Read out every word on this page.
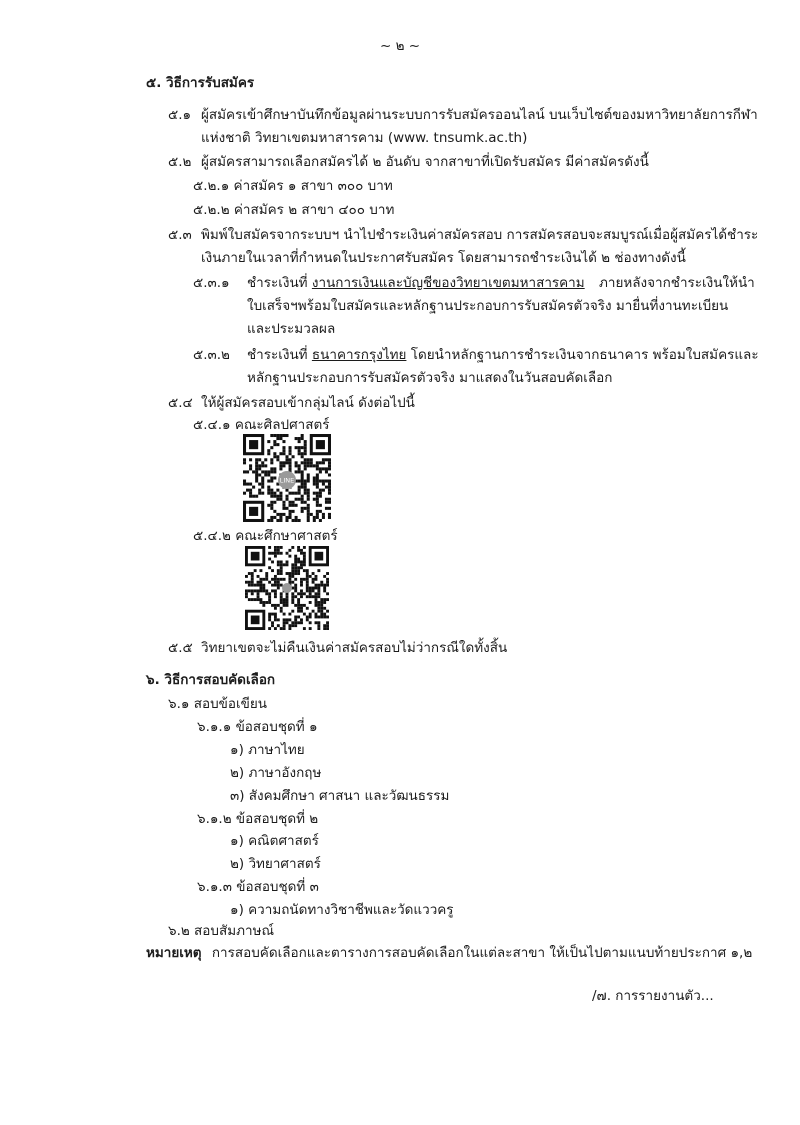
~ ๒ ~
๕. วิธีการรับสมัคร
๕.๑ ผู้สมัครเข้าศึกษาบันทึกข้อมูลผ่านระบบการรับสมัครออนไลน์ บนเว็บไซต์ของมหาวิทยาลัยการกีฬา
แห่งชาติ วิทยาเขตมหาสารคาม (www. tnsumk.ac.th)
๕.๒ ผู้สมัครสามารถเลือกสมัครได้ ๒ อันดับ จากสาขาที่เปิดรับสมัคร มีค่าสมัครดังนี้
๕.๒.๑ ค่าสมัคร ๑ สาขา ๓๐๐ บาท
๕.๒.๒ ค่าสมัคร ๒ สาขา ๔๐๐ บาท
๕.๓ พิมพ์ใบสมัครจากระบบฯ นำไปชำระเงินค่าสมัครสอบ การสมัครสอบจะสมบูรณ์เมื่อผู้สมัครได้ชำระ
เงินภายในเวลาที่กำหนดในประกาศรับสมัคร โดยสามารถชำระเงินได้ ๒ ช่องทางดังนี้
๕.๓.๑ ชำระเงินที่ งานการเงินและบัญชีของวิทยาเขตมหาสารคาม ภายหลังจากชำระเงินให้นำ
ใบเสร็จฯพร้อมใบสมัครและหลักฐานประกอบการรับสมัครตัวจริง มายื่นที่งานทะเบียน
และประมวลผล
๕.๓.๒ ชำระเงินที่ ธนาคารกรุงไทย โดยนำหลักฐานการชำระเงินจากธนาคาร พร้อมใบสมัครและ
หลักฐานประกอบการรับสมัครตัวจริง มาแสดงในวันสอบคัดเลือก
๕.๔ ให้ผู้สมัครสอบเข้ากลุ่มไลน์ ดังต่อไปนี้
๕.๔.๑ คณะศิลปศาสตร์
LINE
๕.๔.๒ คณะศึกษาศาสตร์
๕.๕ วิทยาเขตจะไม่คืนเงินค่าสมัครสอบไม่ว่ากรณีใดทั้งสิ้น
๖. วิธีการสอบคัดเลือก
๖.๑ สอบข้อเขียน
๖.๑.๑ ข้อสอบชุดที่ ๑
๑) ภาษาไทย
๒) ภาษาอังกฤษ
๓) สังคมศึกษา ศาสนา และวัฒนธรรม
๖.๑.๒ ข้อสอบชุดที่ ๒
๑) คณิตศาสตร์
๒) วิทยาศาสตร์
๖.๑.๓ ข้อสอบชุดที่ ๓
๑) ความถนัดทางวิชาชีพและวัดแววครู
๖.๒ สอบสัมภาษณ์
หมายเหตุ การสอบคัดเลือกและตารางการสอบคัดเลือกในแต่ละสาขา ให้เป็นไปตามแนบท้ายประกาศ ๑,๒
/๗. การรายงานตัว...
